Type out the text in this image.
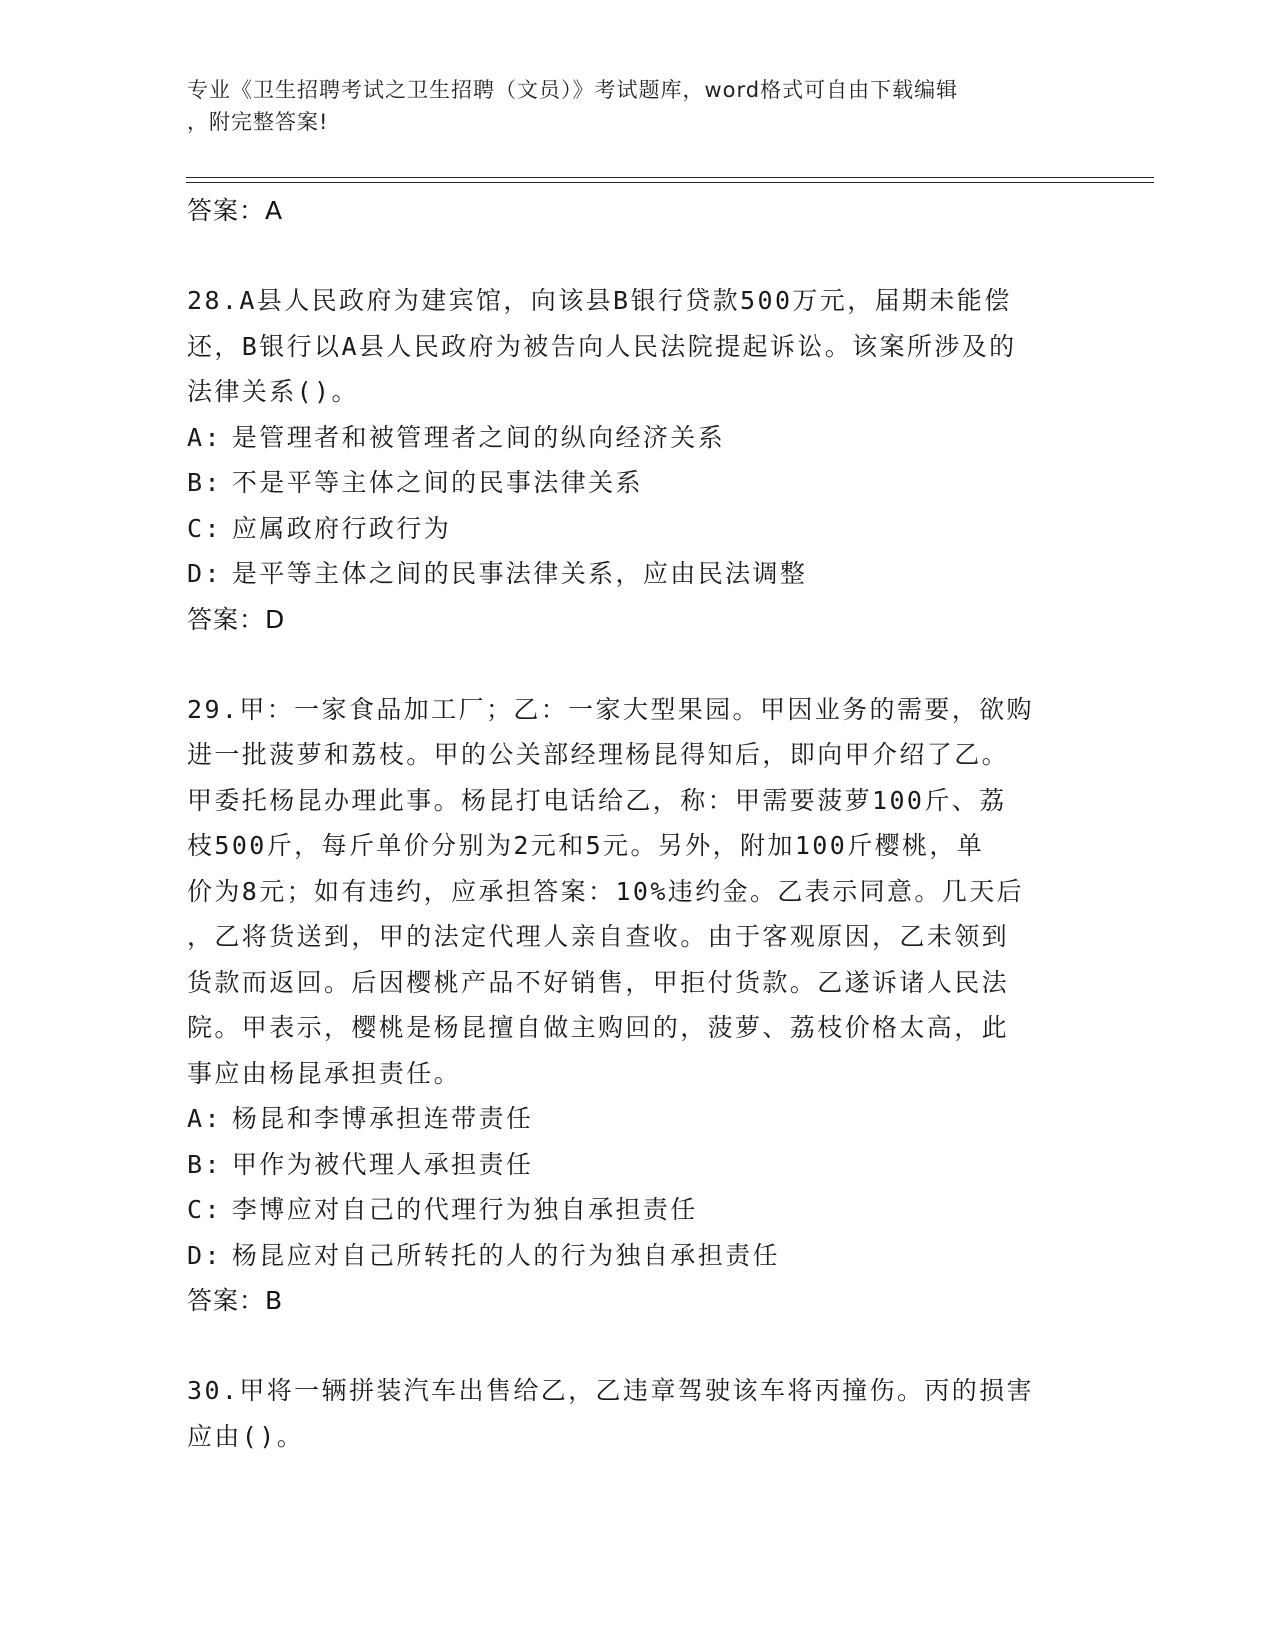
专业《卫生招聘考试之卫生招聘（文员）》考试题库，word格式可自由下载编辑
，附完整答案!
答案：A
28.A县人民政府为建宾馆，向该县B银行贷款500万元，届期未能偿
还，B银行以A县人民政府为被告向人民法院提起诉讼。该案所涉及的
法律关系()。
A: 是管理者和被管理者之间的纵向经济关系
B: 不是平等主体之间的民事法律关系
C: 应属政府行政行为
D: 是平等主体之间的民事法律关系，应由民法调整
答案：D
29.甲：一家食品加工厂；乙：一家大型果园。甲因业务的需要，欲购
进一批菠萝和荔枝。甲的公关部经理杨昆得知后，即向甲介绍了乙。
甲委托杨昆办理此事。杨昆打电话给乙，称：甲需要菠萝100斤、荔
枝500斤，每斤单价分别为2元和5元。另外，附加100斤樱桃，单
价为8元；如有违约，应承担答案：10%违约金。乙表示同意。几天后
，乙将货送到，甲的法定代理人亲自查收。由于客观原因，乙未领到
货款而返回。后因樱桃产品不好销售，甲拒付货款。乙遂诉诸人民法
院。甲表示，樱桃是杨昆擅自做主购回的，菠萝、荔枝价格太高，此
事应由杨昆承担责任。
A: 杨昆和李博承担连带责任
B: 甲作为被代理人承担责任
C: 李博应对自己的代理行为独自承担责任
D: 杨昆应对自己所转托的人的行为独自承担责任
答案：B
30.甲将一辆拼装汽车出售给乙，乙违章驾驶该车将丙撞伤。丙的损害
应由()。
